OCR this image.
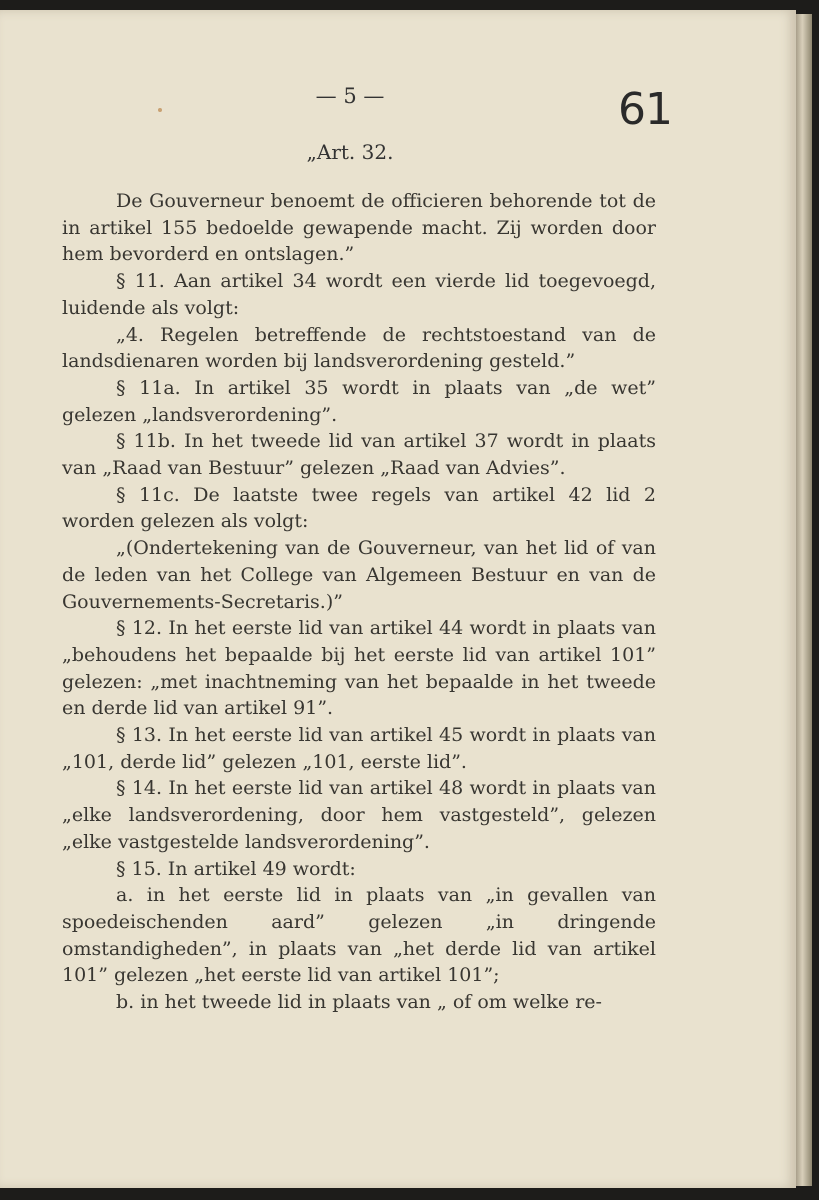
— 5 —	61
„Art. 32.

De Gouverneur benoemt de officieren behorende tot de in artikel 155 bedoelde gewapende macht. Zij worden door hem bevorderd en ontslagen.”

§ 11. Aan artikel 34 wordt een vierde lid toegevoegd, luidende als volgt:

„4. Regelen betreffende de rechtstoestand van de landsdienaren worden bij landsverordening gesteld.”

§ 11a. In artikel 35 wordt in plaats van „de wet” gelezen „landsverordening”.

§ 11b. In het tweede lid van artikel 37 wordt in plaats van „Raad van Bestuur” gelezen „Raad van Advies”.

§ 11c. De laatste twee regels van artikel 42 lid 2 worden gelezen als volgt:

„(Ondertekening van de Gouverneur, van het lid of van de leden van het College van Algemeen Bestuur en van de Gouvernements-Secretaris.)”

§ 12. In het eerste lid van artikel 44 wordt in plaats van „behoudens het bepaalde bij het eerste lid van artikel 101” gelezen: „met inachtneming van het bepaalde in het tweede en derde lid van artikel 91”.

§ 13. In het eerste lid van artikel 45 wordt in plaats van „101, derde lid” gelezen „101, eerste lid”.

§ 14. In het eerste lid van artikel 48 wordt in plaats van „elke landsverordening, door hem vastgesteld”, gelezen „elke vastgestelde landsverordening”.

§ 15. In artikel 49 wordt:

a. in het eerste lid in plaats van „in gevallen van spoedeischenden aard” gelezen „in dringende omstandigheden”, in plaats van „het derde lid van artikel 101” gelezen „het eerste lid van artikel 101”;

b. in het tweede lid in plaats van „ of om welke re-
